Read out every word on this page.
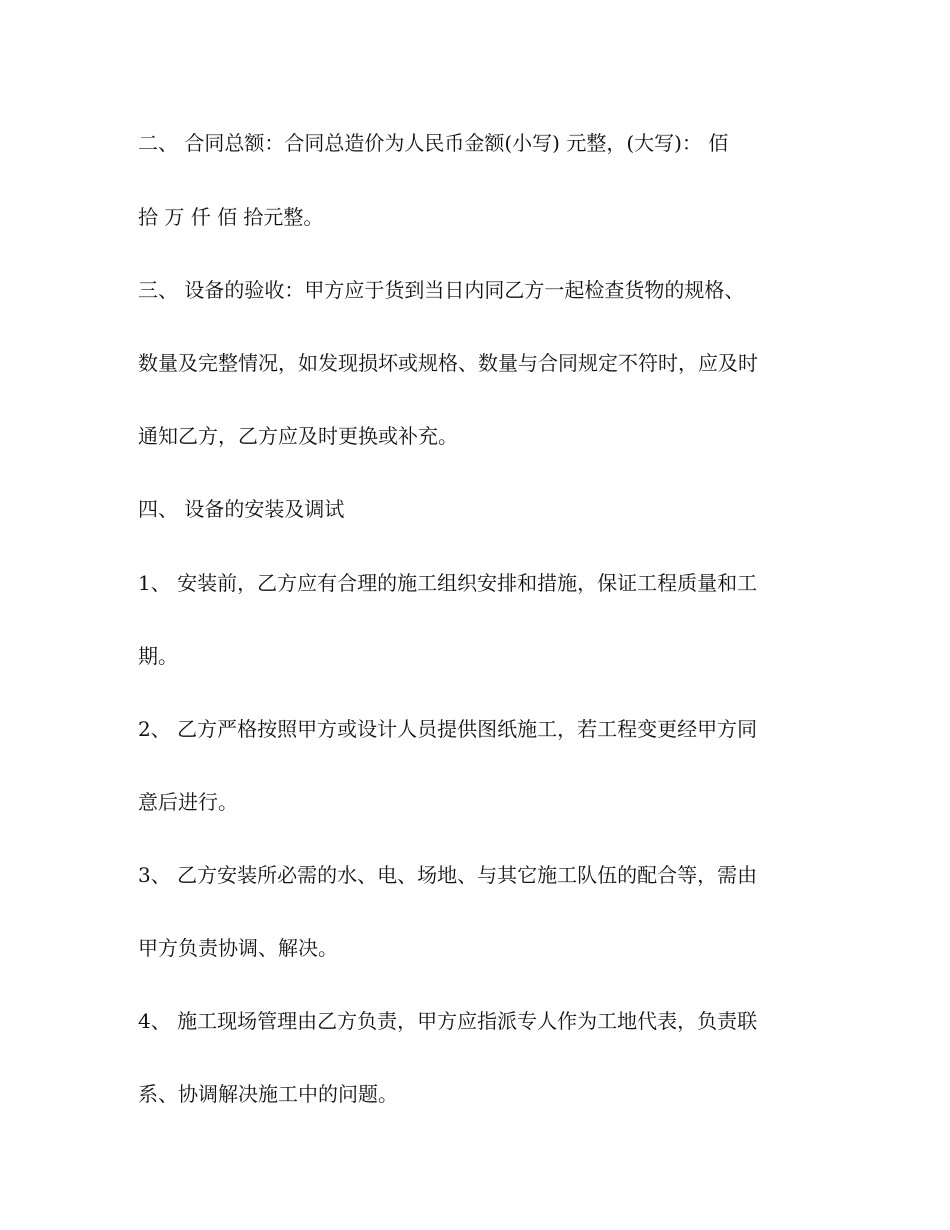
二、 合同总额：合同总造价为人民币金额(小写) 元整，(大写)： 佰

拾 万 仟 佰 拾元整。

三、 设备的验收：甲方应于货到当日内同乙方一起检查货物的规格、

数量及完整情况，如发现损坏或规格、数量与合同规定不符时，应及时

通知乙方，乙方应及时更换或补充。

四、 设备的安装及调试

1、 安装前，乙方应有合理的施工组织安排和措施，保证工程质量和工

期。

2、 乙方严格按照甲方或设计人员提供图纸施工，若工程变更经甲方同

意后进行。

3、 乙方安装所必需的水、电、场地、与其它施工队伍的配合等，需由

甲方负责协调、解决。

4、 施工现场管理由乙方负责，甲方应指派专人作为工地代表，负责联

系、协调解决施工中的问题。
